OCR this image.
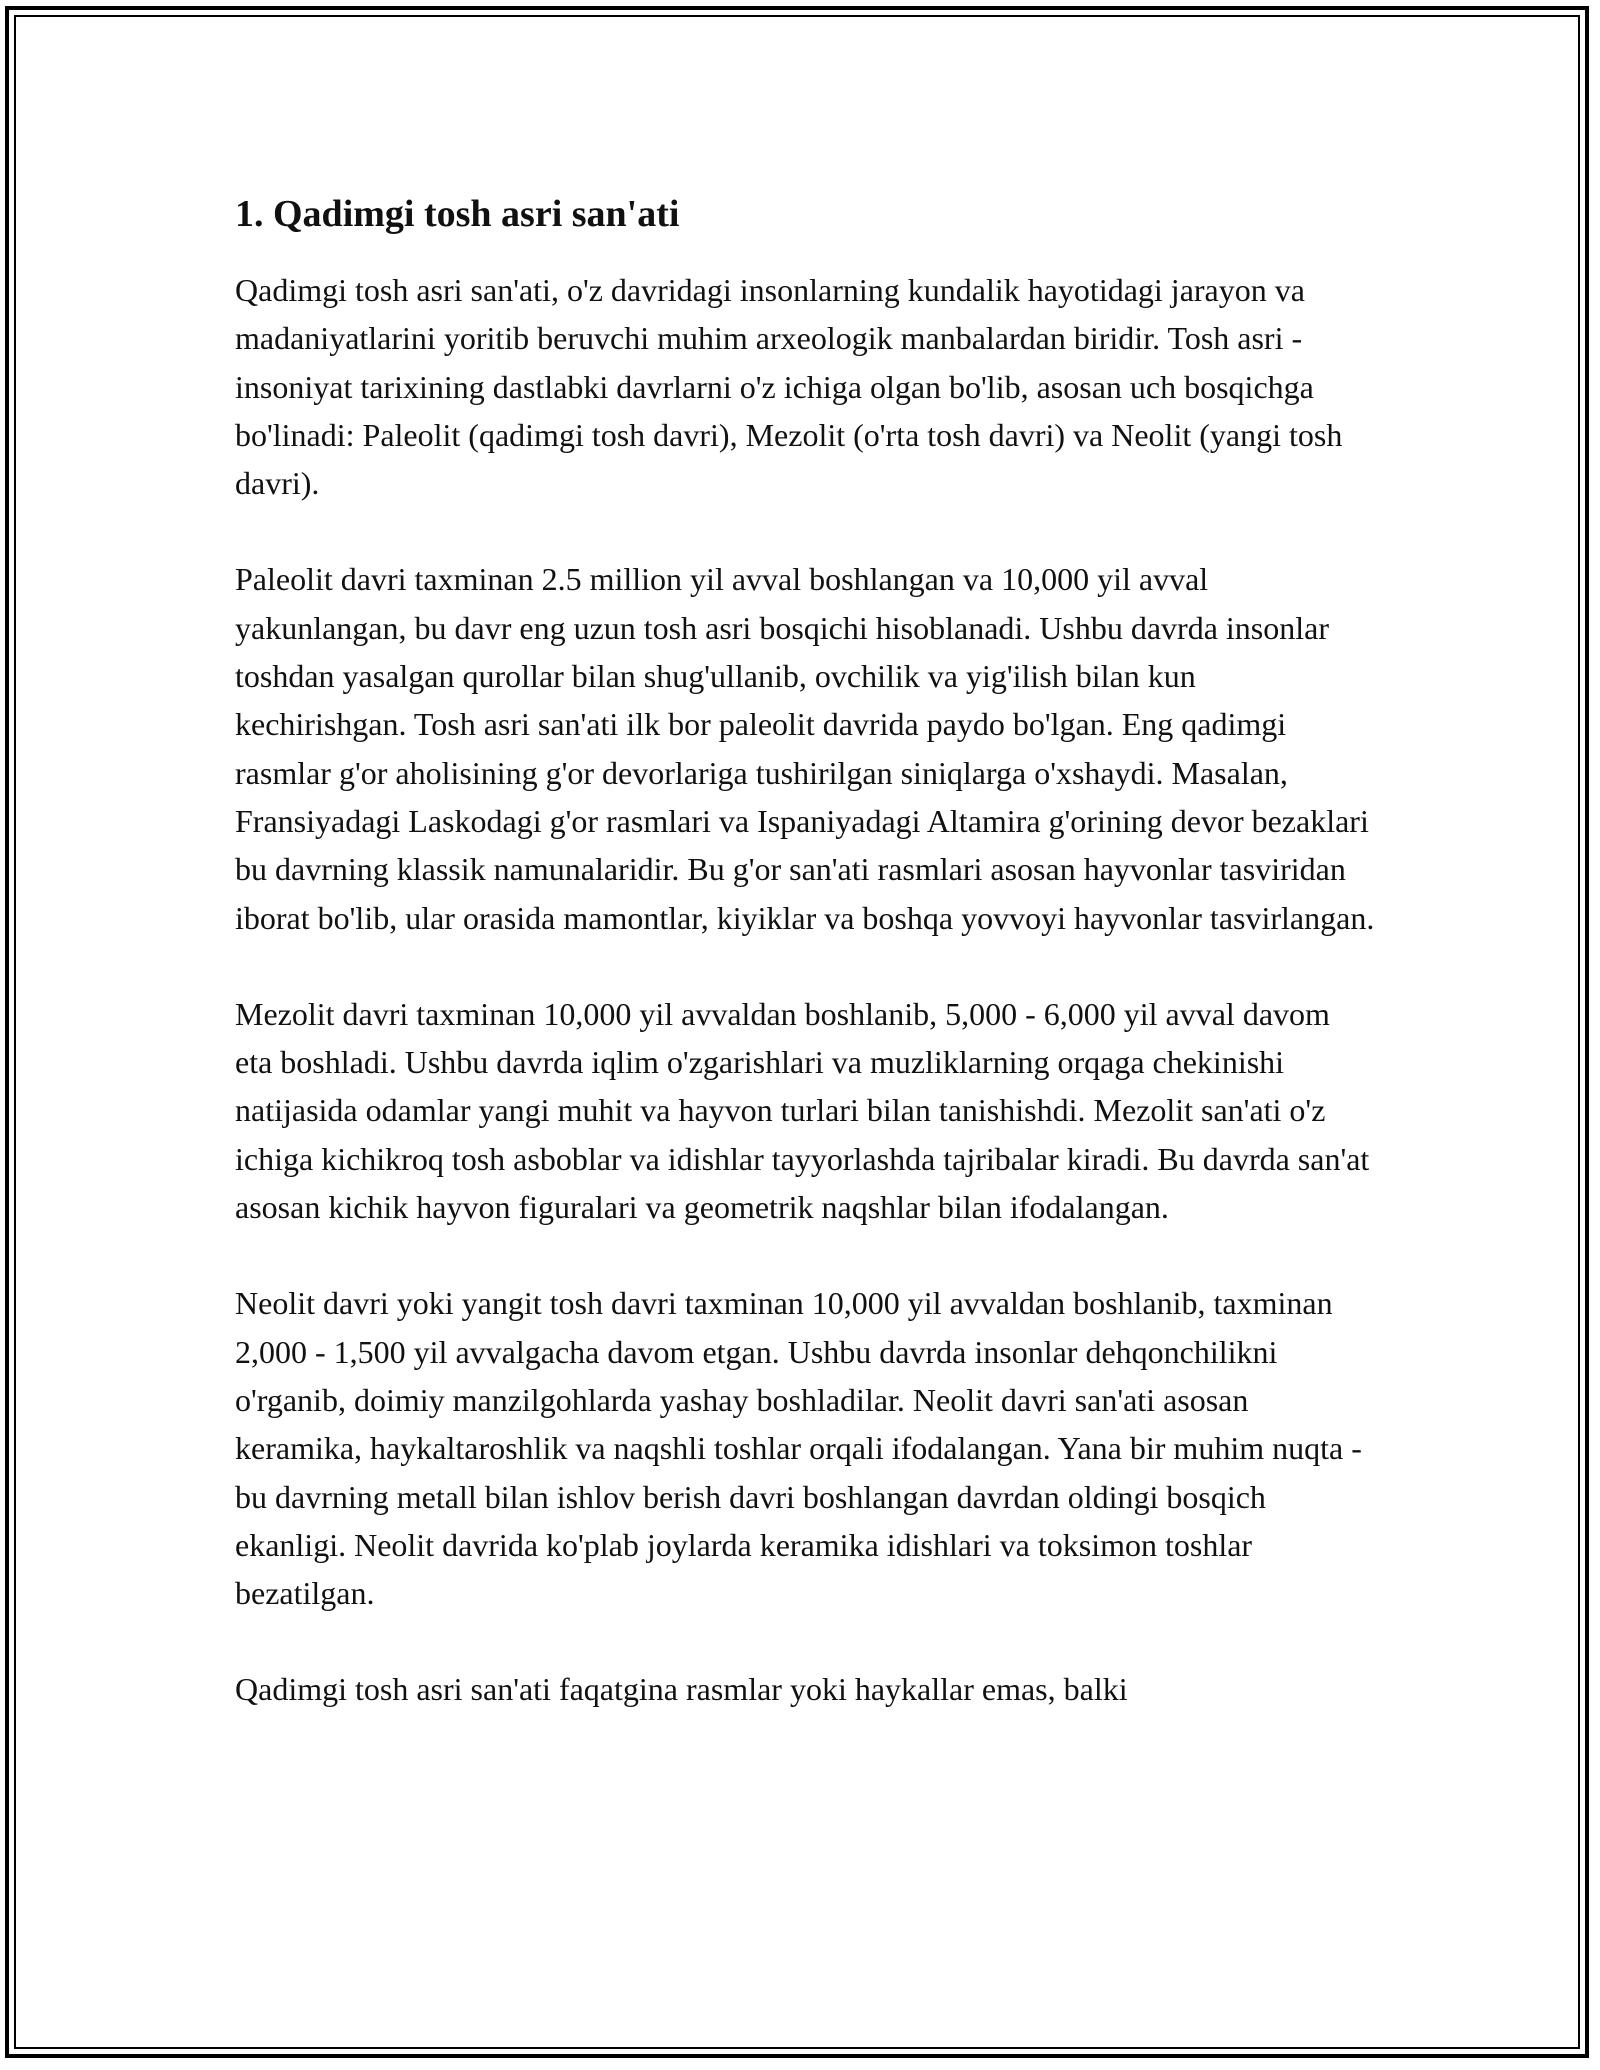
1. Qadimgi tosh asri san'ati

Qadimgi tosh asri san'ati, o'z davridagi insonlarning kundalik hayotidagi jarayon va madaniyatlarini yoritib beruvchi muhim arxeologik manbalardan biridir. Tosh asri - insoniyat tarixining dastlabki davrlarni o'z ichiga olgan bo'lib, asosan uch bosqichga bo'linadi: Paleolit (qadimgi tosh davri), Mezolit (o'rta tosh davri) va Neolit (yangi tosh davri).

Paleolit davri taxminan 2.5 million yil avval boshlangan va 10,000 yil avval yakunlangan, bu davr eng uzun tosh asri bosqichi hisoblanadi. Ushbu davrda insonlar toshdan yasalgan qurollar bilan shug'ullanib, ovchilik va yig'ilish bilan kun kechirishgan. Tosh asri san'ati ilk bor paleolit davrida paydo bo'lgan. Eng qadimgi rasmlar g'or aholisining g'or devorlariga tushirilgan siniqlarga o'xshaydi. Masalan, Fransiyadagi Laskodagi g'or rasmlari va Ispaniyadagi Altamira g'orining devor bezaklari bu davrning klassik namunalaridir. Bu g'or san'ati rasmlari asosan hayvonlar tasviridan iborat bo'lib, ular orasida mamontlar, kiyiklar va boshqa yovvoyi hayvonlar tasvirlangan.

Mezolit davri taxminan 10,000 yil avvaldan boshlanib, 5,000 - 6,000 yil avval davom eta boshladi. Ushbu davrda iqlim o'zgarishlari va muzliklarning orqaga chekinishi natijasida odamlar yangi muhit va hayvon turlari bilan tanishishdi. Mezolit san'ati o'z ichiga kichikroq tosh asboblar va idishlar tayyorlashda tajribalar kiradi. Bu davrda san'at asosan kichik hayvon figuralari va geometrik naqshlar bilan ifodalangan.

Neolit davri yoki yangit tosh davri taxminan 10,000 yil avvaldan boshlanib, taxminan 2,000 - 1,500 yil avvalgacha davom etgan. Ushbu davrda insonlar dehqonchilikni o'rganib, doimiy manzilgohlarda yashay boshladilar. Neolit davri san'ati asosan keramika, haykaltaroshlik va naqshli toshlar orqali ifodalangan. Yana bir muhim nuqta - bu davrning metall bilan ishlov berish davri boshlangan davrdan oldingi bosqich ekanligi. Neolit davrida ko'plab joylarda keramika idishlari va toksimon toshlar bezatilgan.

Qadimgi tosh asri san'ati faqatgina rasmlar yoki haykallar emas, balki
